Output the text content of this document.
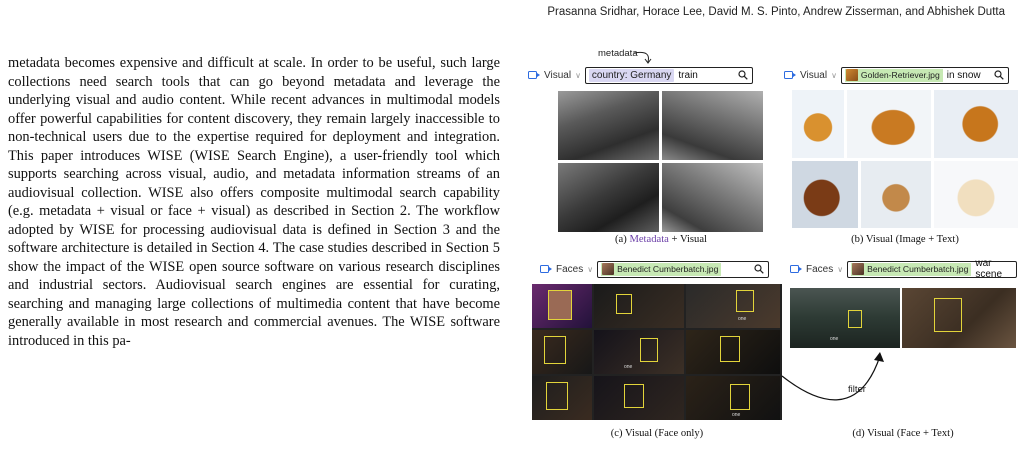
Prasanna Sridhar, Horace Lee, David M. S. Pinto, Andrew Zisserman, and Abhishek Dutta

metadata becomes expensive and difficult at scale. In order to be useful, such large collections need search tools that can go beyond metadata and leverage the underlying visual and audio content. While recent advances in multimodal models offer powerful capabilities for content discovery, they remain largely inaccessible to non-technical users due to the expertise required for deployment and integration. This paper introduces WISE (WISE Search Engine), a user-friendly tool which supports searching across visual, audio, and metadata information streams of an audiovisual collection. WISE also offers composite multimodal search capability (e.g. metadata + visual or face + visual) as described in Section 2. The workflow adopted by WISE for processing audiovisual data is defined in Section 3 and the software architecture is detailed in Section 4. The case studies described in Section 5 show the impact of the WISE open source software on various research disciplines and industrial sectors. Audiovisual search engines are essential for curating, searching and managing large collections of multimedia content that have become generally available in most research and commercial avenues. The WISE software introduced in this pa-

metadata
Visual ∨	country: Germany train
(a) Metadata + Visual
Visual ∨	Golden-Retriever.jpg in snow
(b) Visual (Image + Text)
Faces ∨	Benedict Cumberbatch.jpg
one
one
one
(c) Visual (Face only)
filter
Faces ∨	Benedict Cumberbatch.jpg war scene
one
(d) Visual (Face + Text)
